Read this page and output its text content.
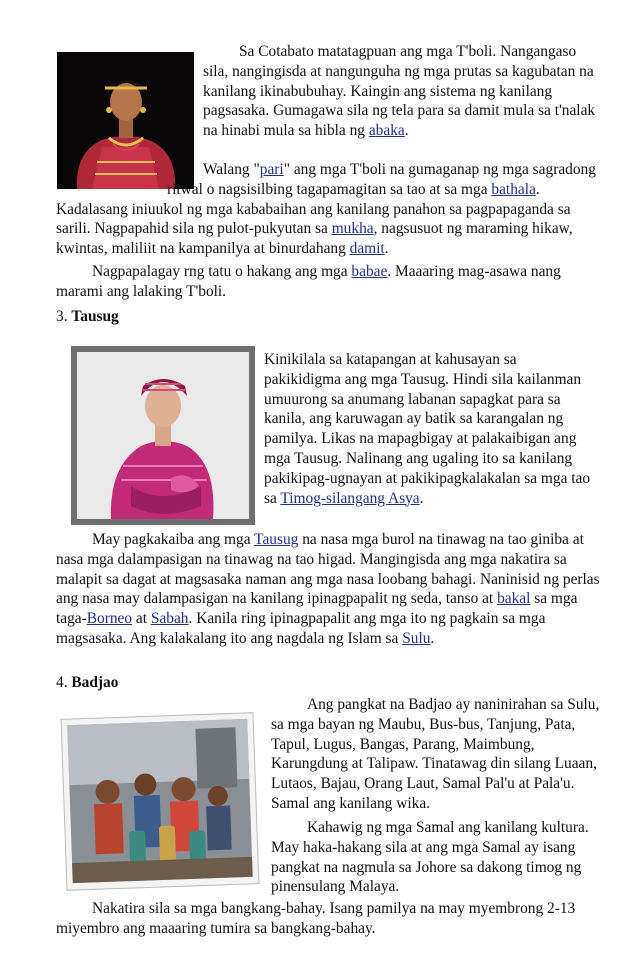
Sa Cotabato matatagpuan ang mga T'boli. Nangangaso sila, nangingisda at nangunguha ng mga prutas sa kagubatan na kanilang ikinabubuhay. Kaingin ang sistema ng kanilang pagsasaka. Gumagawa sila ng tela para sa damit mula sa t'nalak na hinabi mula sa hibla ng abaka.

Walang "pari" ang mga T'boli na gumaganap ng mga sagradong ritwal o nagsisilbing tagapamagitan sa tao at sa mga bathala. Kadalasang iniuukol ng mga kababaihan ang kanilang panahon sa pagpapaganda sa sarili. Nagpapahid sila ng pulot-pukyutan sa mukha, nagsusuot ng maraming hikaw, kwintas, maliliit na kampanilya at binurdahang damit.

Nagpapalagay rng tatu o hakang ang mga babae. Maaaring mag-asawa nang marami ang lalaking T'boli.

3. Tausug

Kinikilala sa katapangan at kahusayan sa pakikidigma ang mga Tausug. Hindi sila kailanman umuurong sa anumang labanan sapagkat para sa kanila, ang karuwagan ay batik sa karangalan ng pamilya. Likas na mapagbigay at palakaibigan ang mga Tausug. Nalinang ang ugaling ito sa kanilang pakikipag-ugnayan at pakikipagkalakalan sa mga tao sa Timog-silangang Asya.

May pagkakaiba ang mga Tausug na nasa mga burol na tinawag na tao giniba at nasa mga dalampasigan na tinawag na tao higad. Mangingisda ang mga nakatira sa malapit sa dagat at magsasaka naman ang mga nasa loobang bahagi. Naninisid ng perlas ang nasa may dalampasigan na kanilang ipinagpapalit ng seda, tanso at bakal sa mga taga-Borneo at Sabah. Kanila ring ipinagpapalit ang mga ito ng pagkain sa mga magsasaka. Ang kalakalang ito ang nagdala ng Islam sa Sulu.

4. Badjao

Ang pangkat na Badjao ay naninirahan sa Sulu, sa mga bayan ng Maubu, Bus-bus, Tanjung, Pata, Tapul, Lugus, Bangas, Parang, Maimbung, Karungdung at Talipaw. Tinatawag din silang Luaan, Lutaos, Bajau, Orang Laut, Samal Pal'u at Pala'u. Samal ang kanilang wika.

Kahawig ng mga Samal ang kanilang kultura. May haka-hakang sila at ang mga Samal ay isang pangkat na nagmula sa Johore sa dakong timog ng pinensulang Malaya.

Nakatira sila sa mga bangkang-bahay. Isang pamilya na may myembrong 2-13 miyembro ang maaaring tumira sa bangkang-bahay.
